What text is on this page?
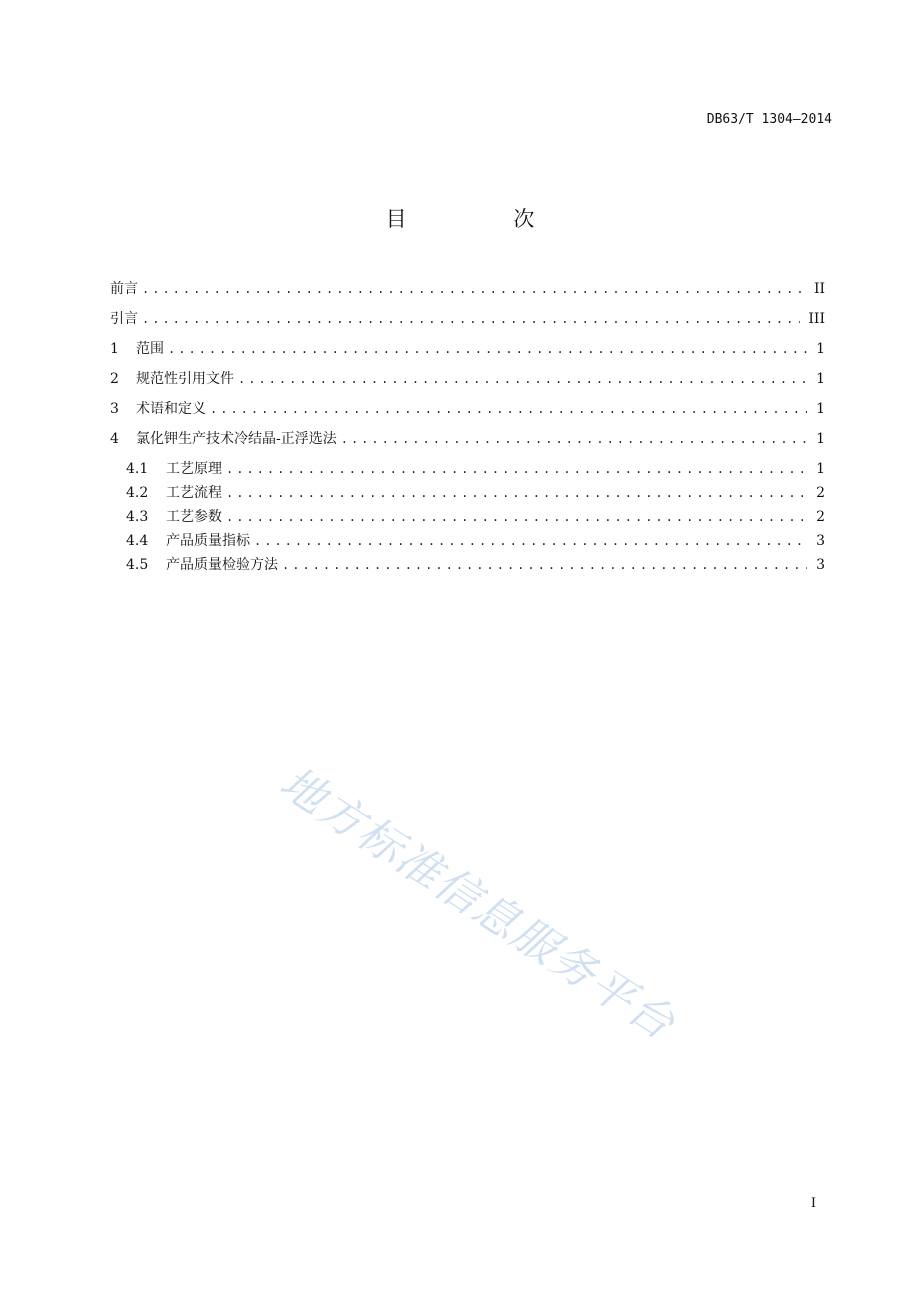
DB63/T 1304—2014
目 次
前言 .....	II
引言 .....	III
1	范围 .....	1
2	规范性引用文件 .....	1
3	术语和定义 .....	1
4	氯化钾生产技术冷结晶-正浮选法 .....	1
4.1	工艺原理 .....	1
4.2	工艺流程 .....	2
4.3	工艺参数 .....	2
4.4	产品质量指标 .....	3
4.5	产品质量检验方法 .....	3
I
地方标准信息服务平台
